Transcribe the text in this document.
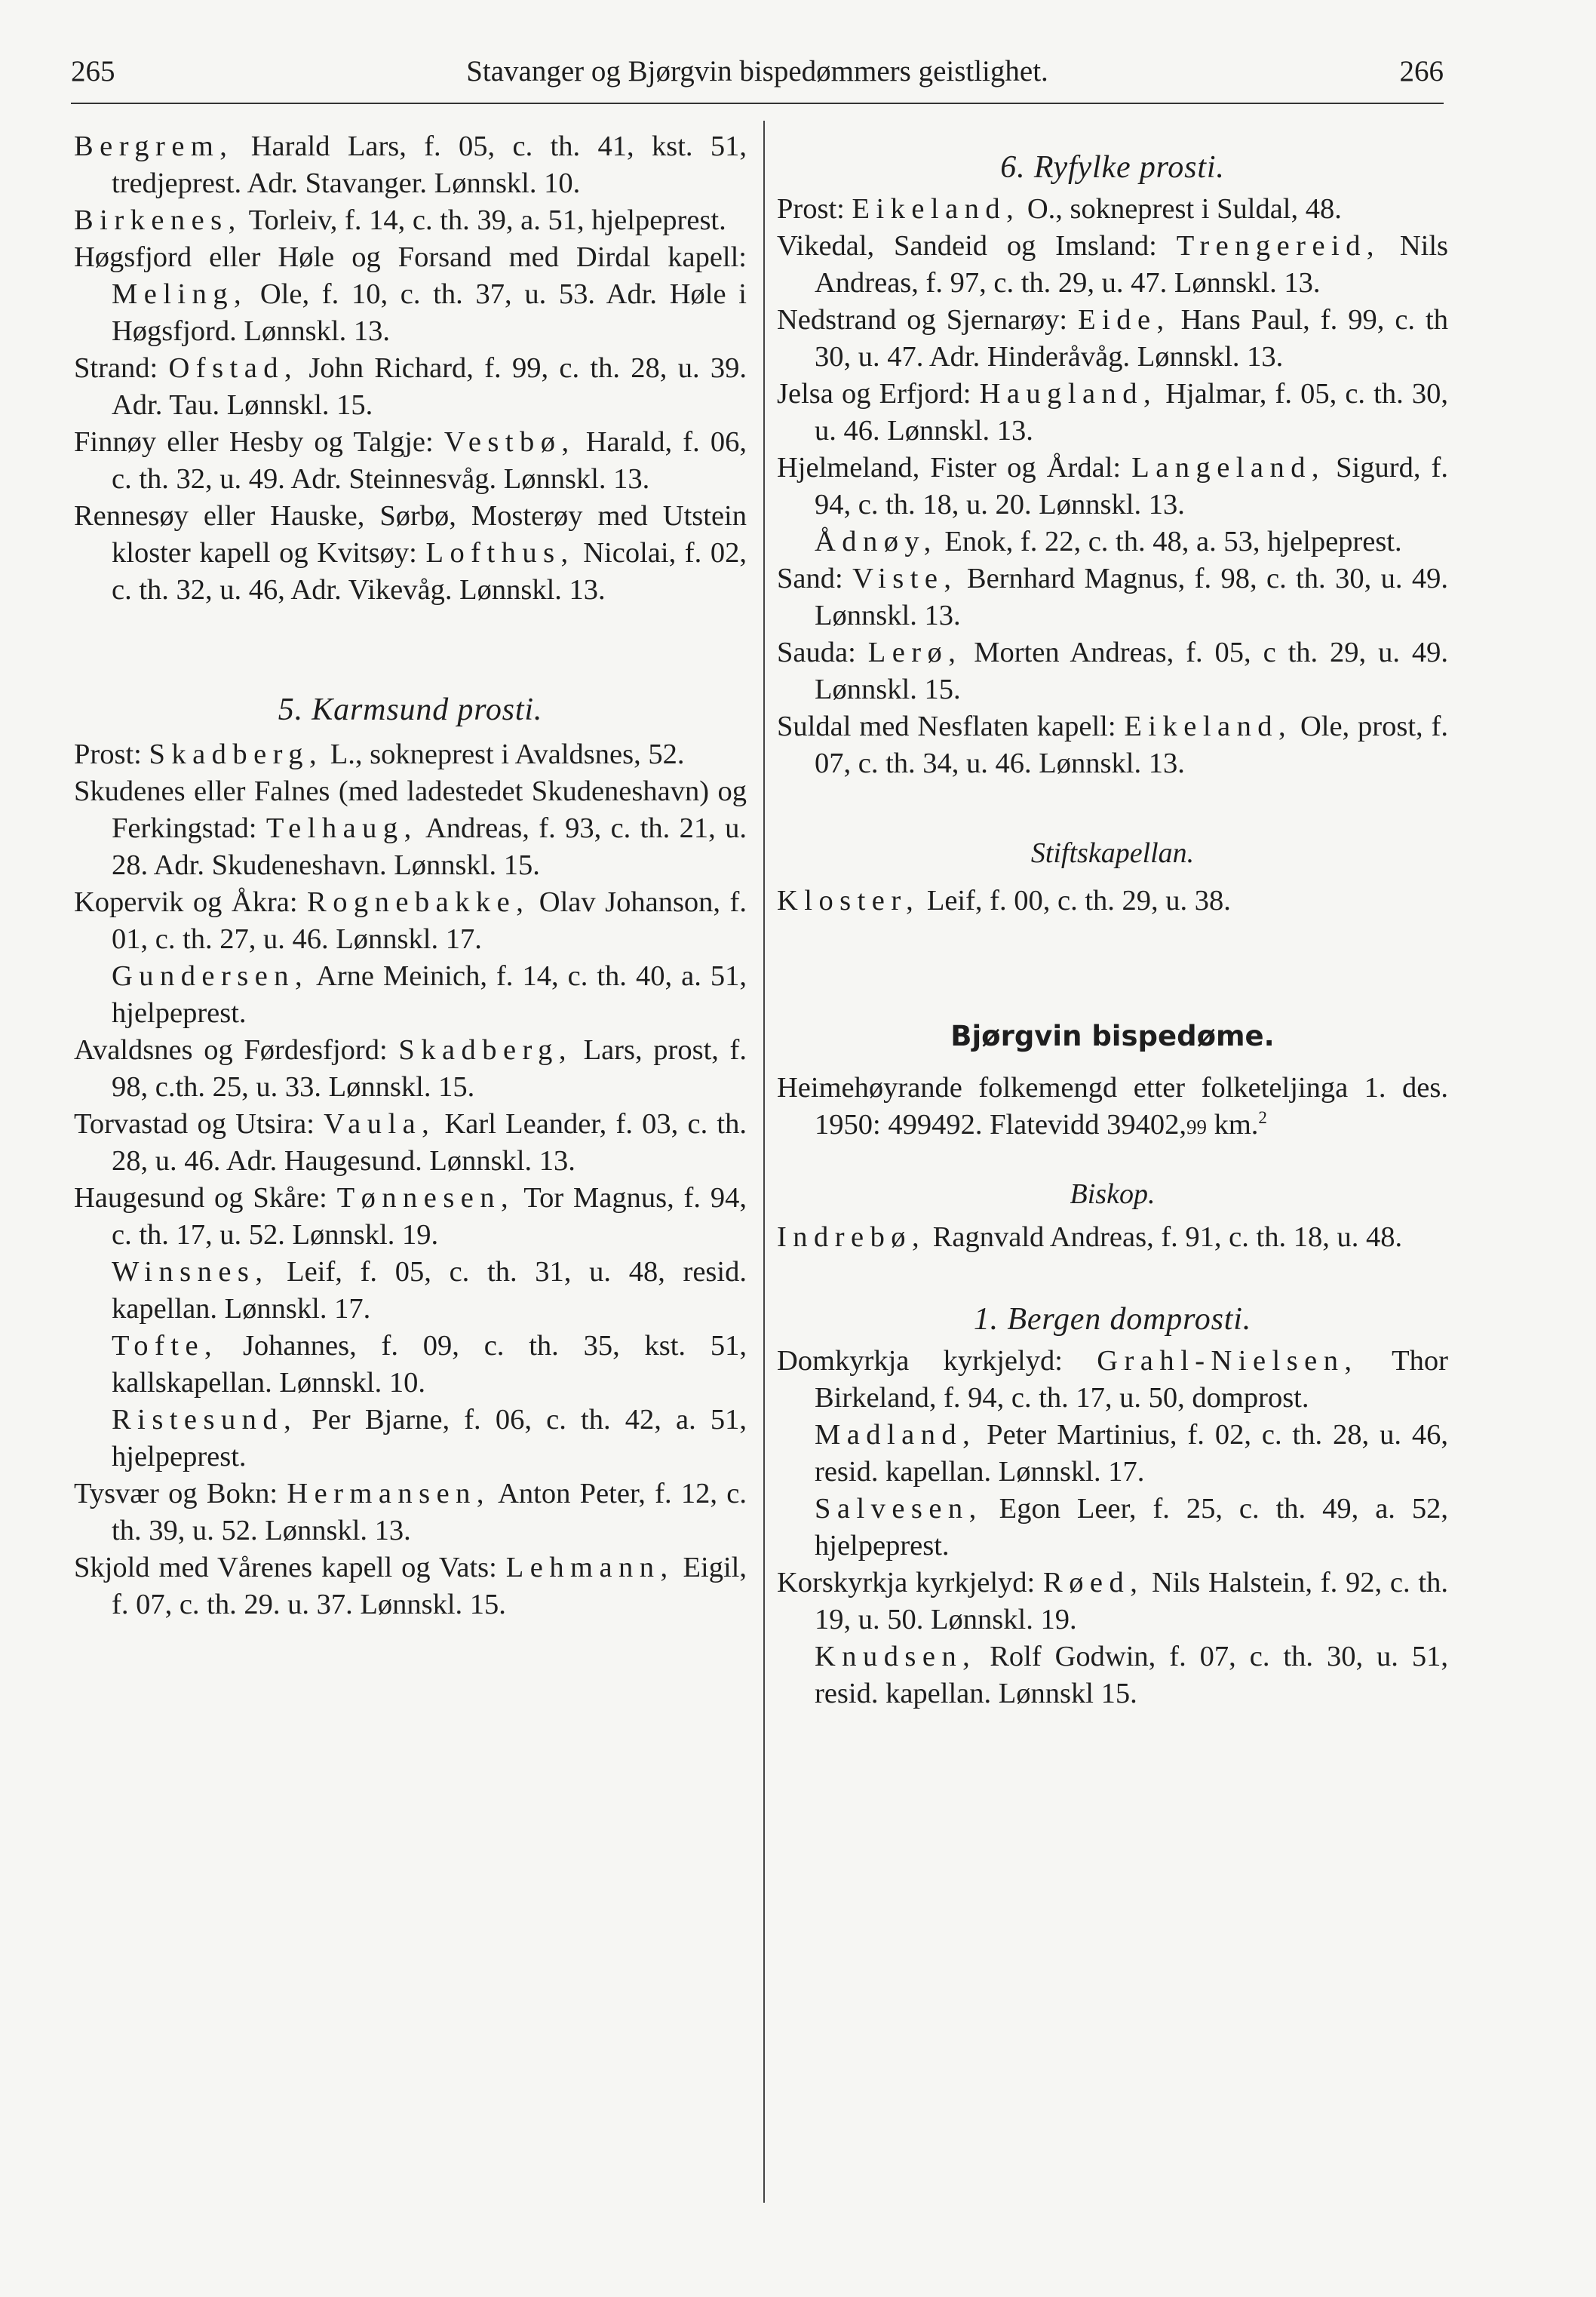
265	Stavanger og Bjørgvin bispedømmers geistlighet.	266

Bergrem, Harald Lars, f. 05, c. th. 41, kst. 51, tredjeprest. Adr. Stavanger. Lønnskl. 10.

Birkenes, Torleiv, f. 14, c. th. 39, a. 51, hjelpeprest.

Høgsfjord eller Høle og Forsand med Dirdal kapell: Meling, Ole, f. 10, c. th. 37, u. 53. Adr. Høle i Høgsfjord. Lønnskl. 13.

Strand: Ofstad, John Richard, f. 99, c. th. 28, u. 39. Adr. Tau. Lønnskl. 15.

Finnøy eller Hesby og Talgje: Vestbø, Harald, f. 06, c. th. 32, u. 49. Adr. Steinnesvåg. Lønnskl. 13.

Rennesøy eller Hauske, Sørbø, Mosterøy med Utstein kloster kapell og Kvitsøy: Lofthus, Nicolai, f. 02, c. th. 32, u. 46, Adr. Vikevåg. Lønnskl. 13.

5. Karmsund prosti.

Prost: Skadberg, L., sokneprest i Avaldsnes, 52.

Skudenes eller Falnes (med ladestedet Skudeneshavn) og Ferkingstad: Telhaug, Andreas, f. 93, c. th. 21, u. 28. Adr. Skudeneshavn. Lønnskl. 15.

Kopervik og Åkra: Rognebakke, Olav Johanson, f. 01, c. th. 27, u. 46. Lønnskl. 17.

Gundersen, Arne Meinich, f. 14, c. th. 40, a. 51, hjelpeprest.

Avaldsnes og Førdesfjord: Skadberg, Lars, prost, f. 98, c.th. 25, u. 33. Lønnskl. 15.

Torvastad og Utsira: Vaula, Karl Leander, f. 03, c. th. 28, u. 46. Adr. Haugesund. Lønnskl. 13.

Haugesund og Skåre: Tønnesen, Tor Magnus, f. 94, c. th. 17, u. 52. Lønnskl. 19.

Winsnes, Leif, f. 05, c. th. 31, u. 48, resid. kapellan. Lønnskl. 17.

Tofte, Johannes, f. 09, c. th. 35, kst. 51, kallskapellan. Lønnskl. 10.

Ristesund, Per Bjarne, f. 06, c. th. 42, a. 51, hjelpeprest.

Tysvær og Bokn: Hermansen, Anton Peter, f. 12, c. th. 39, u. 52. Lønnskl. 13.

Skjold med Vårenes kapell og Vats: Lehmann, Eigil, f. 07, c. th. 29. u. 37. Lønnskl. 15.

6. Ryfylke prosti.

Prost: Eikeland, O., sokneprest i Suldal, 48.

Vikedal, Sandeid og Imsland: Trengereid, Nils Andreas, f. 97, c. th. 29, u. 47. Lønnskl. 13.

Nedstrand og Sjernarøy: Eide, Hans Paul, f. 99, c. th 30, u. 47. Adr. Hinderåvåg. Lønnskl. 13.

Jelsa og Erfjord: Haugland, Hjalmar, f. 05, c. th. 30, u. 46. Lønnskl. 13.

Hjelmeland, Fister og Årdal: Langeland, Sigurd, f. 94, c. th. 18, u. 20. Lønnskl. 13.

Ådnøy, Enok, f. 22, c. th. 48, a. 53, hjelpeprest.

Sand: Viste, Bernhard Magnus, f. 98, c. th. 30, u. 49. Lønnskl. 13.

Sauda: Lerø, Morten Andreas, f. 05, c th. 29, u. 49. Lønnskl. 15.

Suldal med Nesflaten kapell: Eikeland, Ole, prost, f. 07, c. th. 34, u. 46. Lønnskl. 13.

Stiftskapellan.

Kloster, Leif, f. 00, c. th. 29, u. 38.

Bjørgvin bispedøme.

Heimehøyrande folkemengd etter folketeljinga 1. des. 1950: 499492. Flatevidd 39402,99 km.$^2$

Biskop.

Indrebø, Ragnvald Andreas, f. 91, c. th. 18, u. 48.

1. Bergen domprosti.

Domkyrkja kyrkjelyd: Grahl-Nielsen, Thor Birkeland, f. 94, c. th. 17, u. 50, domprost.

Madland, Peter Martinius, f. 02, c. th. 28, u. 46, resid. kapellan. Lønnskl. 17.

Salvesen, Egon Leer, f. 25, c. th. 49, a. 52, hjelpeprest.

Korskyrkja kyrkjelyd: Røed, Nils Halstein, f. 92, c. th. 19, u. 50. Lønnskl. 19.

Knudsen, Rolf Godwin, f. 07, c. th. 30, u. 51, resid. kapellan. Lønnskl 15.
